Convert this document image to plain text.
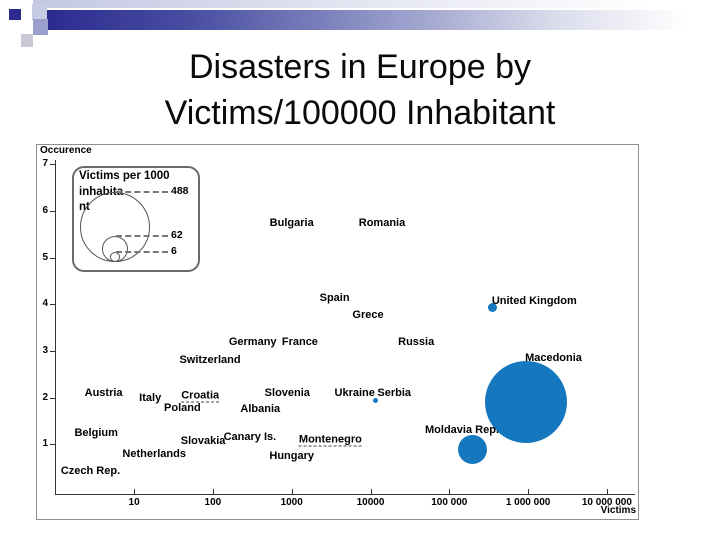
Disasters in Europe by
Victims/100000 Inhabitant
Occurence
Victims
10	100	1000	10000	100 000	1 000 000	10 000 000
1
2
3
4
5
6
7
Bulgaria	Romania
Spain
Grece
United Kingdom
Germany France	Russia
Switzerland	Macedonia
Austria Italy Croatia
Poland
Slovenia Ukraine Serbia
Albania
Belgium
Slovakia
Canary Is. Montenegro
Netherlands	Hungary
Czech Rep.
Moldavia Rep.
Victims per 1000
inhabita
nt
488
62
6
